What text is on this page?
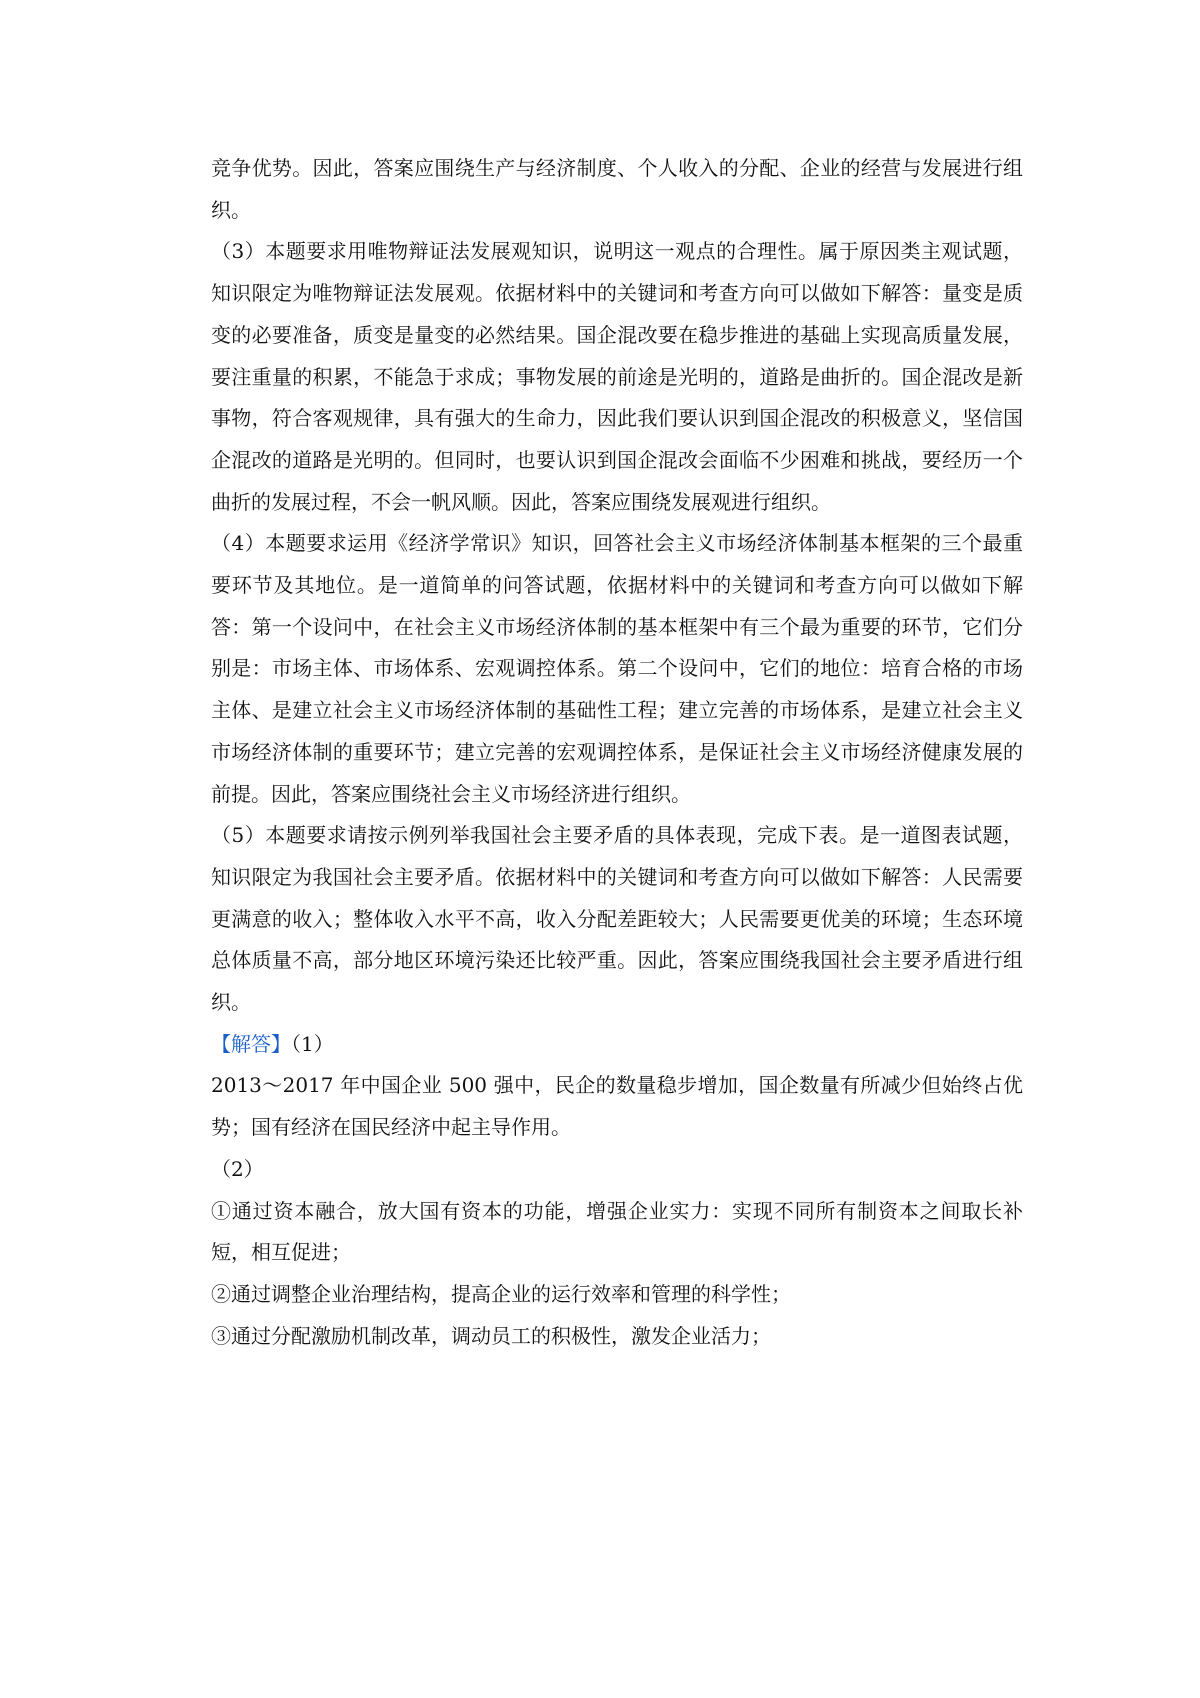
竞争优势。因此，答案应围绕生产与经济制度、个人收入的分配、企业的经营与发展进行组织。

（3）本题要求用唯物辩证法发展观知识，说明这一观点的合理性。属于原因类主观试题，知识限定为唯物辩证法发展观。依据材料中的关键词和考查方向可以做如下解答：量变是质变的必要准备，质变是量变的必然结果。国企混改要在稳步推进的基础上实现高质量发展，要注重量的积累，不能急于求成；事物发展的前途是光明的，道路是曲折的。国企混改是新事物，符合客观规律，具有强大的生命力，因此我们要认识到国企混改的积极意义，坚信国企混改的道路是光明的。但同时，也要认识到国企混改会面临不少困难和挑战，要经历一个曲折的发展过程，不会一帆风顺。因此，答案应围绕发展观进行组织。

（4）本题要求运用《经济学常识》知识，回答社会主义市场经济体制基本框架的三个最重要环节及其地位。是一道简单的问答试题，依据材料中的关键词和考查方向可以做如下解答：第一个设问中，在社会主义市场经济体制的基本框架中有三个最为重要的环节，它们分别是：市场主体、市场体系、宏观调控体系。第二个设问中，它们的地位：培育合格的市场主体、是建立社会主义市场经济体制的基础性工程；建立完善的市场体系，是建立社会主义市场经济体制的重要环节；建立完善的宏观调控体系，是保证社会主义市场经济健康发展的前提。因此，答案应围绕社会主义市场经济进行组织。

（5）本题要求请按示例列举我国社会主要矛盾的具体表现，完成下表。是一道图表试题，知识限定为我国社会主要矛盾。依据材料中的关键词和考查方向可以做如下解答：人民需要更满意的收入；整体收入水平不高，收入分配差距较大；人民需要更优美的环境；生态环境总体质量不高，部分地区环境污染还比较严重。因此，答案应围绕我国社会主要矛盾进行组织。

【解答】（1）

2013～2017 年中国企业 500 强中，民企的数量稳步增加，国企数量有所减少但始终占优势；国有经济在国民经济中起主导作用。

（2）

①通过资本融合，放大国有资本的功能，增强企业实力：实现不同所有制资本之间取长补短，相互促进；

②通过调整企业治理结构，提高企业的运行效率和管理的科学性；

③通过分配激励机制改革，调动员工的积极性，激发企业活力；
